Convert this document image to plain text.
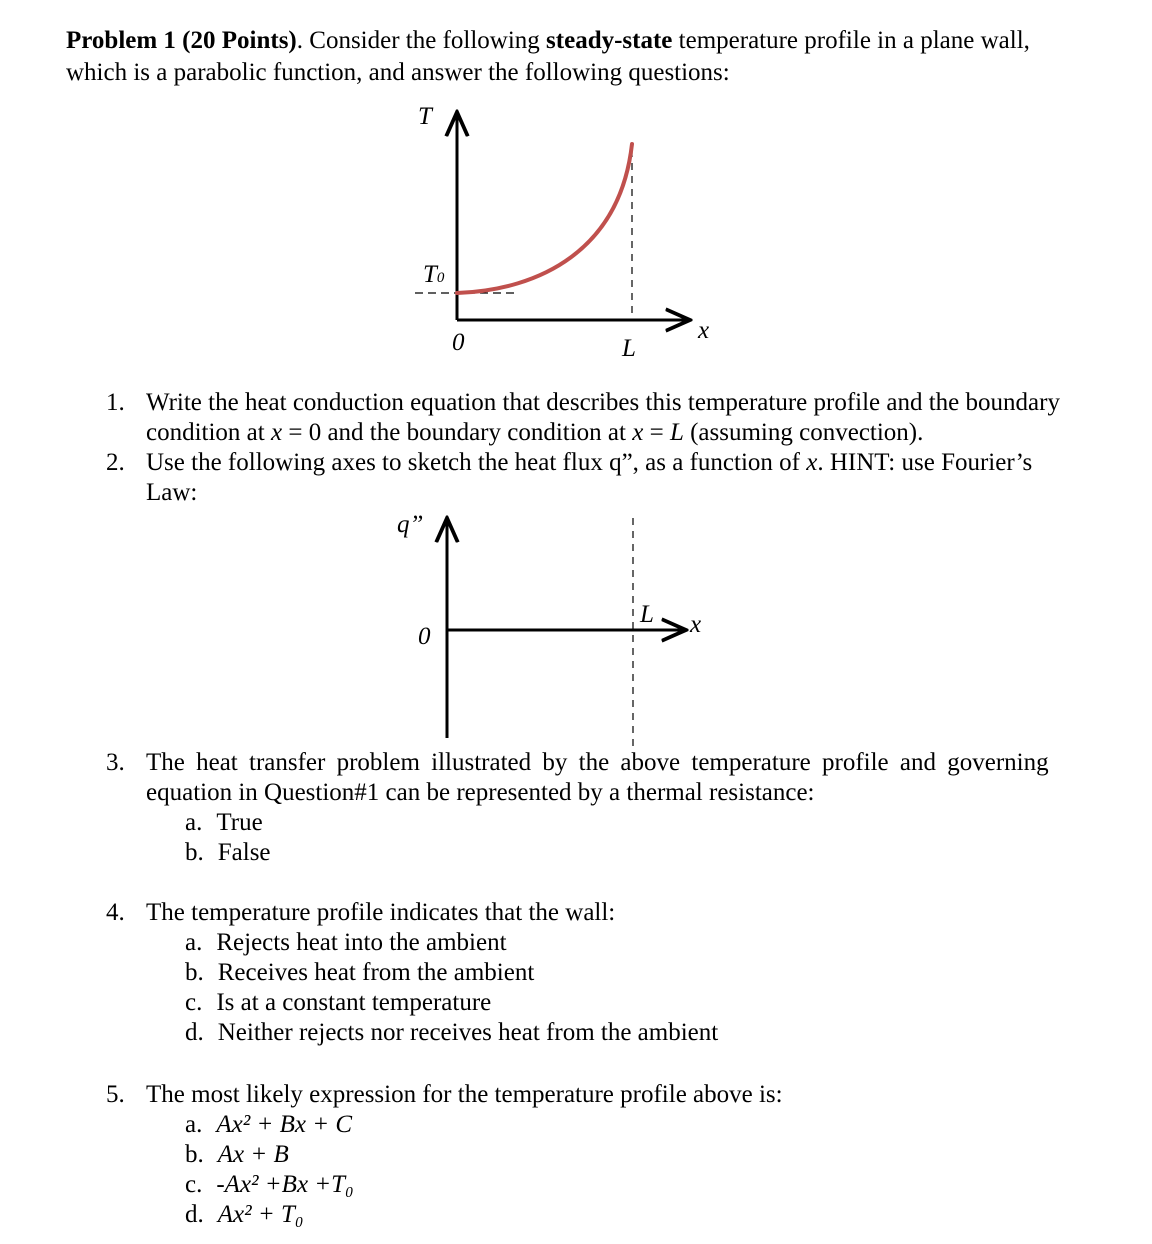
Problem 1 (20 Points). Consider the following steady-state temperature profile in a plane wall,
which is a parabolic function, and answer the following questions:
T
T0
0	L
x
1. Write the heat conduction equation that describes this temperature profile and the boundary
condition at x = 0 and the boundary condition at x = L (assuming convection).
2. Use the following axes to sketch the heat flux q”, as a function of x. HINT: use Fourier’s
Law:
q”
0
L x
3. The heat transfer problem illustrated by the above temperature profile and governing
equation in Question#1 can be represented by a thermal resistance:
a. True
b. False
4. The temperature profile indicates that the wall:
a. Rejects heat into the ambient
b. Receives heat from the ambient
c. Is at a constant temperature
d. Neither rejects nor receives heat from the ambient
5. The most likely expression for the temperature profile above is:
a. Ax² + Bx + C
b. Ax + B
c. -Ax² +Bx +T₀
d. Ax² + T₀
